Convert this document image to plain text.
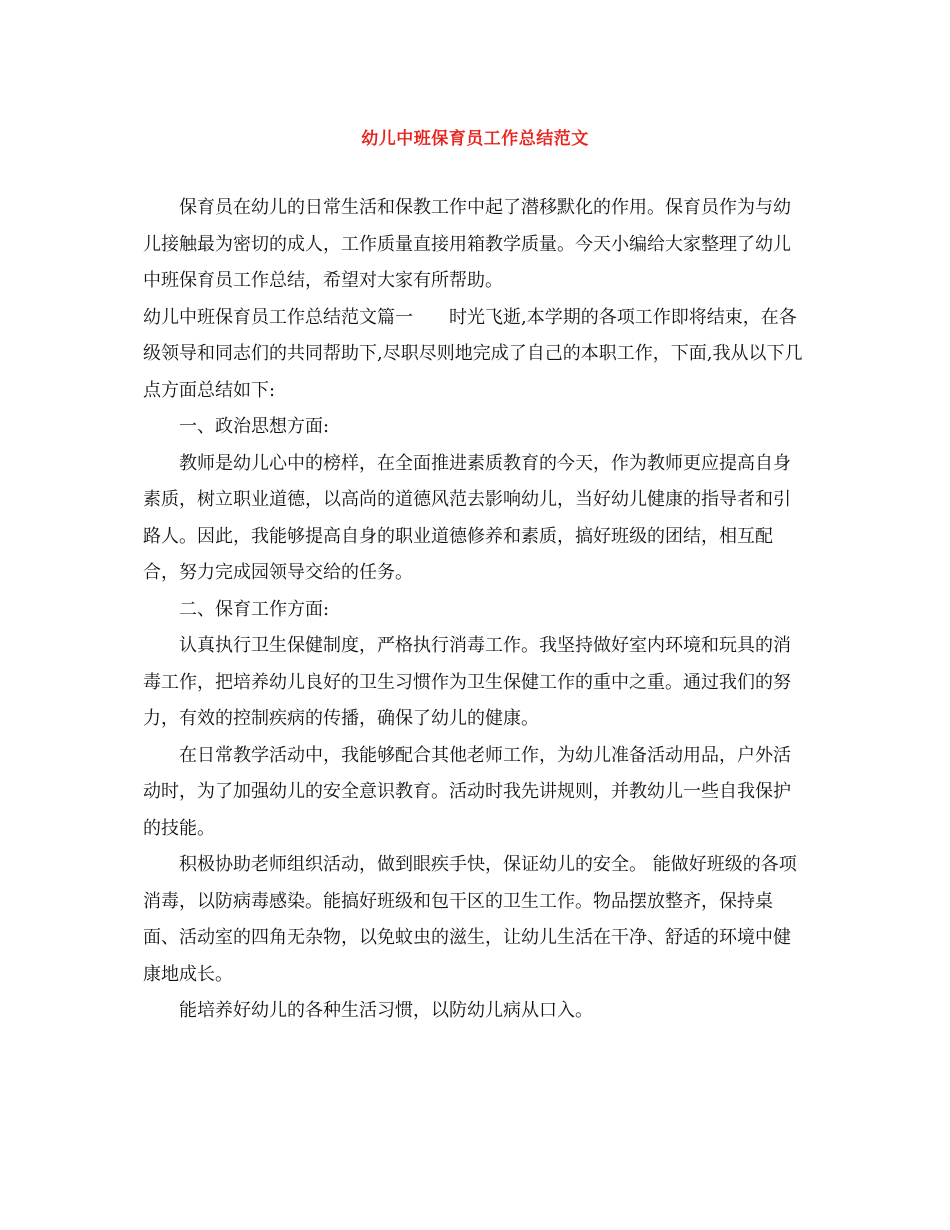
幼儿中班保育员工作总结范文

保育员在幼儿的日常生活和保教工作中起了潜移默化的作用。保育员作为与幼儿接触最为密切的成人，工作质量直接用箱教学质量。今天小编给大家整理了幼儿中班保育员工作总结，希望对大家有所帮助。

幼儿中班保育员工作总结范文篇一 时光飞逝,本学期的各项工作即将结束，在各级领导和同志们的共同帮助下,尽职尽则地完成了自己的本职工作，下面,我从以下几点方面总结如下:

一、政治思想方面:

教师是幼儿心中的榜样，在全面推进素质教育的今天，作为教师更应提高自身素质，树立职业道德，以高尚的道德风范去影响幼儿，当好幼儿健康的指导者和引路人。因此，我能够提高自身的职业道德修养和素质，搞好班级的团结，相互配合，努力完成园领导交给的任务。

二、保育工作方面:

认真执行卫生保健制度，严格执行消毒工作。我坚持做好室内环境和玩具的消毒工作，把培养幼儿良好的卫生习惯作为卫生保健工作的重中之重。通过我们的努力，有效的控制疾病的传播，确保了幼儿的健康。

在日常教学活动中，我能够配合其他老师工作，为幼儿准备活动用品，户外活动时，为了加强幼儿的安全意识教育。活动时我先讲规则，并教幼儿一些自我保护的技能。

积极协助老师组织活动，做到眼疾手快，保证幼儿的安全。 能做好班级的各项消毒，以防病毒感染。能搞好班级和包干区的卫生工作。物品摆放整齐，保持桌面、活动室的四角无杂物，以免蚊虫的滋生，让幼儿生活在干净、舒适的环境中健康地成长。

能培养好幼儿的各种生活习惯，以防幼儿病从口入。
